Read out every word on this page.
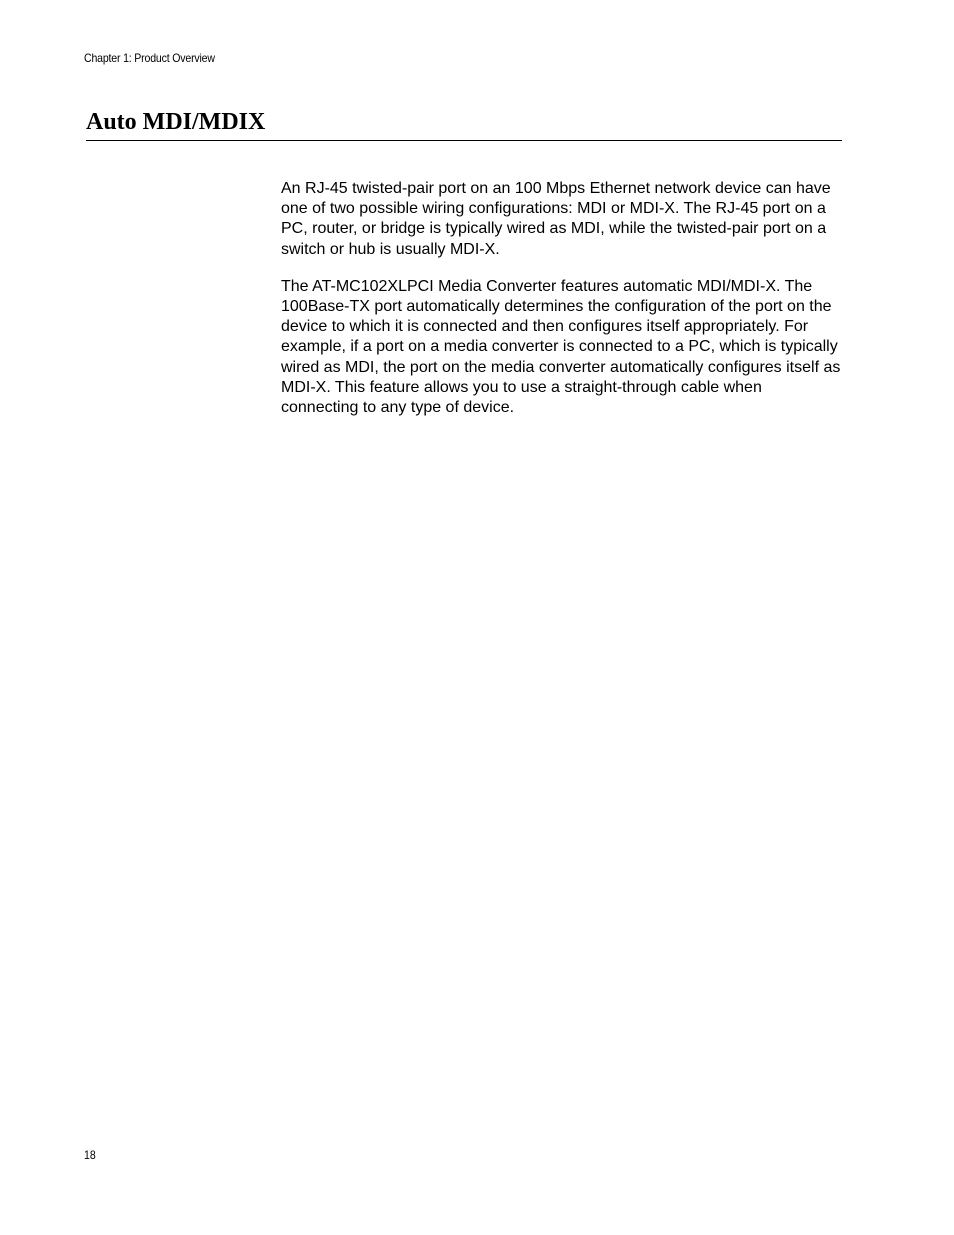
Chapter 1: Product Overview
Auto MDI/MDIX

An RJ-45 twisted-pair port on an 100 Mbps Ethernet network device can have one of two possible wiring configurations: MDI or MDI-X. The RJ-45 port on a PC, router, or bridge is typically wired as MDI, while the twisted-pair port on a switch or hub is usually MDI-X.

The AT-MC102XLPCI Media Converter features automatic MDI/MDI-X. The 100Base-TX port automatically determines the configuration of the port on the device to which it is connected and then configures itself appropriately. For example, if a port on a media converter is connected to a PC, which is typically wired as MDI, the port on the media converter automatically configures itself as MDI-X. This feature allows you to use a straight-through cable when connecting to any type of device.

18
